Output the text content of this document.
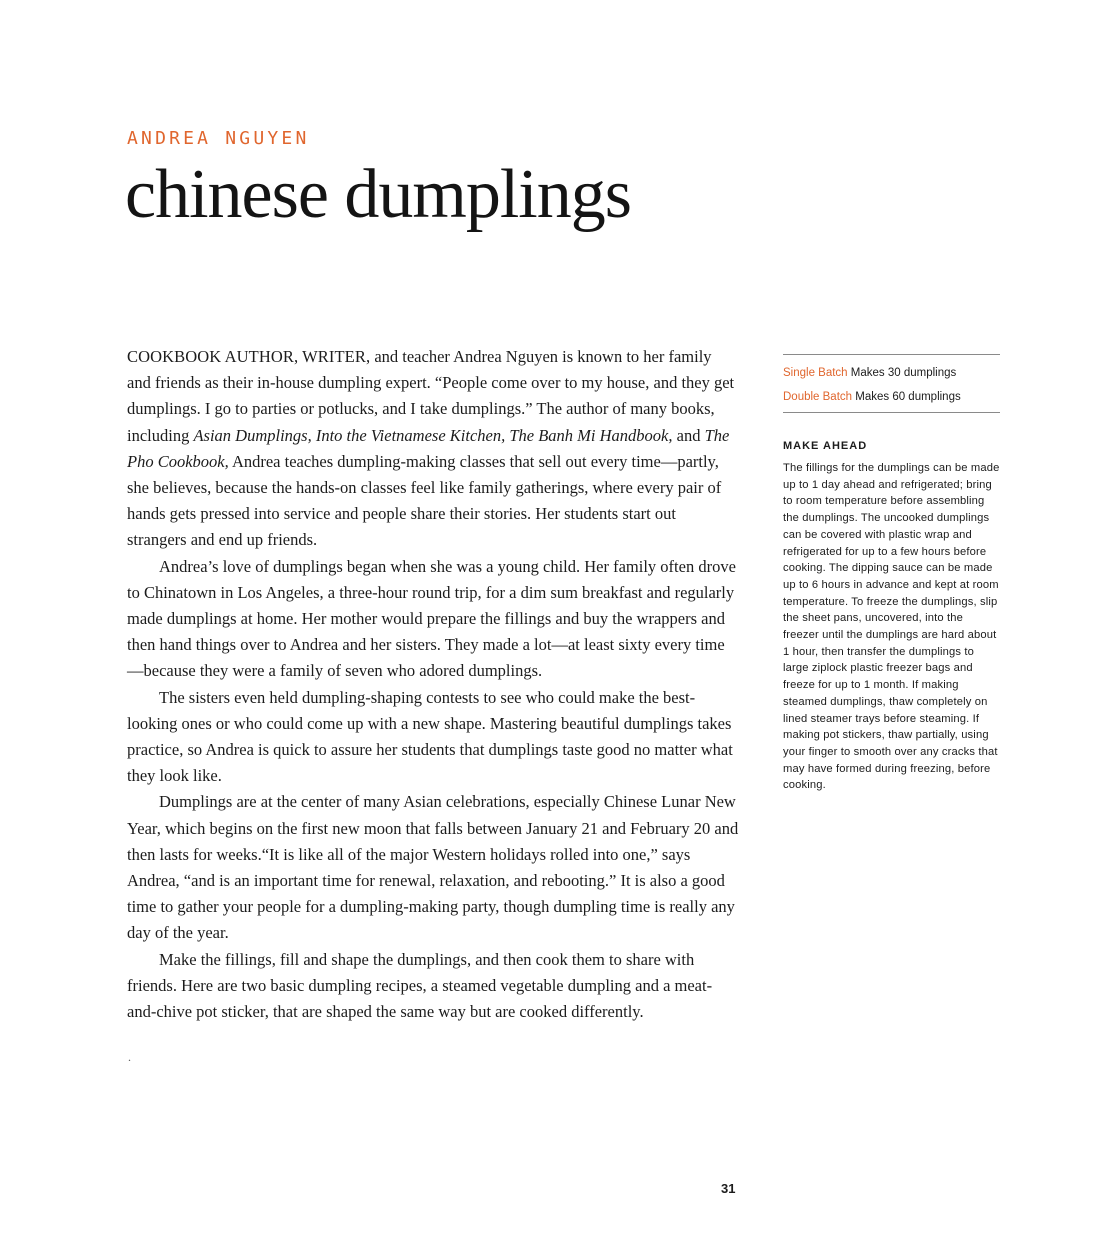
ANDREA NGUYEN
chinese dumplings

COOKBOOK AUTHOR, WRITER, and teacher Andrea Nguyen is known to her family and friends as their in-house dumpling expert. “People come over to my house, and they get dumplings. I go to parties or potlucks, and I take dumplings.” The author of many books, including Asian Dumplings, Into the Vietnamese Kitchen, The Banh Mi Handbook, and The Pho Cookbook, Andrea teaches dumpling-making classes that sell out every time—partly, she believes, because the hands-on classes feel like family gatherings, where every pair of hands gets pressed into service and people share their stories. Her students start out strangers and end up friends.

Andrea’s love of dumplings began when she was a young child. Her family often drove to Chinatown in Los Angeles, a three-hour round trip, for a dim sum breakfast and regularly made dumplings at home. Her mother would prepare the fillings and buy the wrappers and then hand things over to Andrea and her sisters. They made a lot—at least sixty every time—because they were a family of seven who adored dumplings.

The sisters even held dumpling-shaping contests to see who could make the best-looking ones or who could come up with a new shape. Mastering beautiful dumplings takes practice, so Andrea is quick to assure her students that dumplings taste good no matter what they look like.

Dumplings are at the center of many Asian celebrations, especially Chinese Lunar New Year, which begins on the first new moon that falls between January 21 and February 20 and then lasts for weeks.“It is like all of the major Western holidays rolled into one,” says Andrea, “and is an important time for renewal, relaxation, and rebooting.” It is also a good time to gather your people for a dumpling-making party, though dumpling time is really any day of the year.

Make the fillings, fill and shape the dumplings, and then cook them to share with friends. Here are two basic dumpling recipes, a steamed vegetable dumpling and a meat-and-chive pot sticker, that are shaped the same way but are cooked differently.

.
Single Batch Makes 30 dumplings
Double Batch Makes 60 dumplings
MAKE AHEAD
The fillings for the dumplings can be made up to 1 day ahead and refrigerated; bring to room temperature before assembling the dumplings. The uncooked dumplings can be covered with plastic wrap and refrigerated for up to a few hours before cooking. The dipping sauce can be made up to 6 hours in advance and kept at room temperature. To freeze the dumplings, slip the sheet pans, uncovered, into the freezer until the dumplings are hard about 1 hour, then transfer the dumplings to large ziplock plastic freezer bags and freeze for up to 1 month. If making steamed dumplings, thaw completely on lined steamer trays before steaming. If making pot stickers, thaw partially, using your finger to smooth over any cracks that may have formed during freezing, before cooking.
31
